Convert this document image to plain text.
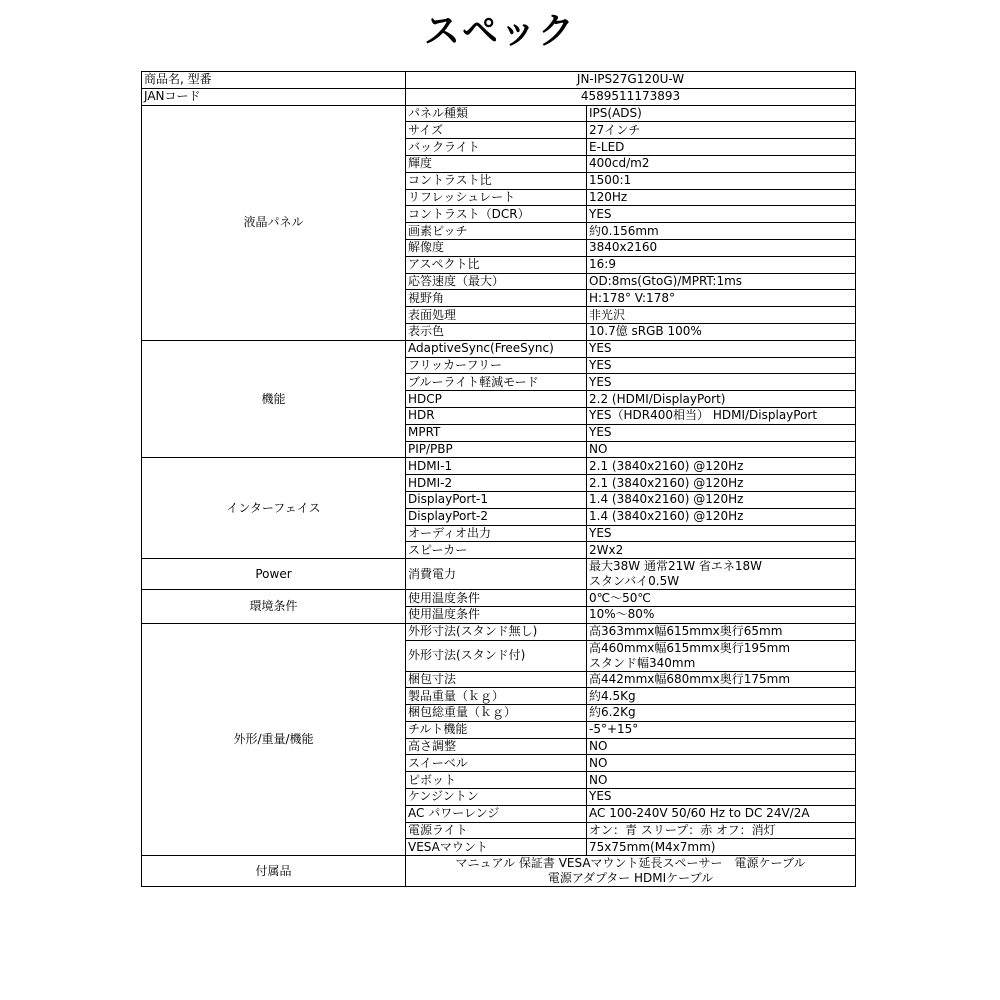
スペック
商品名, 型番	JN-IPS27G120U-W	
JANコード	4589511173893	
液晶パネル	パネル種類	IPS(ADS)

	サイズ	27インチ

	バックライト	E-LED

	輝度	400cd/m2

	コントラスト比	1500:1

	リフレッシュレート	120Hz

	コントラスト（DCR）	YES

	画素ピッチ	約0.156mm

	解像度	3840x2160

	アスペクト比	16:9

	応答速度（最大）	OD:8ms(GtoG)/MPRT:1ms

	視野角	H:178° V:178°

	表面処理	非光沢

	表示色	10.7億 sRGB 100%

機能	AdaptiveSync(FreeSync)	YES

	フリッカーフリー	YES

	ブルーライト軽減モード	YES

	HDCP	2.2 (HDMI/DisplayPort)

	HDR	YES（HDR400相当） HDMI/DisplayPort

	MPRT	YES

	PIP/PBP	NO

インターフェイス	HDMI-1	2.1 (3840x2160) @120Hz

	HDMI-2	2.1 (3840x2160) @120Hz

	DisplayPort-1	1.4 (3840x2160) @120Hz

	DisplayPort-2	1.4 (3840x2160) @120Hz

	オーディオ出力	YES

	スピーカー	2Wx2

Power	消費電力	最大38W 通常21W 省エネ18W
スタンバイ0.5W

環境条件	使用温度条件	0℃～50℃

	使用温度条件	10%～80%

外形/重量/機能	外形寸法(スタンド無し)	高363mmx幅615mmx奥行65mm

	外形寸法(スタンド付)	高460mmx幅615mmx奥行195mm
スタンド幅340mm

	梱包寸法	高442mmx幅680mmx奥行175mm

	製品重量（ｋｇ）	約4.5Kg

	梱包総重量（ｋｇ）	約6.2Kg

	チルト機能	-5°+15°

	高さ調整	NO

	スイーベル	NO

	ピボット	NO

	ケンジントン	YES

	AC パワーレンジ	AC 100-240V 50/60 Hz to DC 24V/2A

	電源ライト	オン：青 スリープ：赤 オフ：消灯

	VESAマウント	75x75mm(M4x7mm)

付属品	マニュアル 保証書 VESAマウント延長スペーサー　電源ケーブル
電源アダプター HDMIケーブル	
